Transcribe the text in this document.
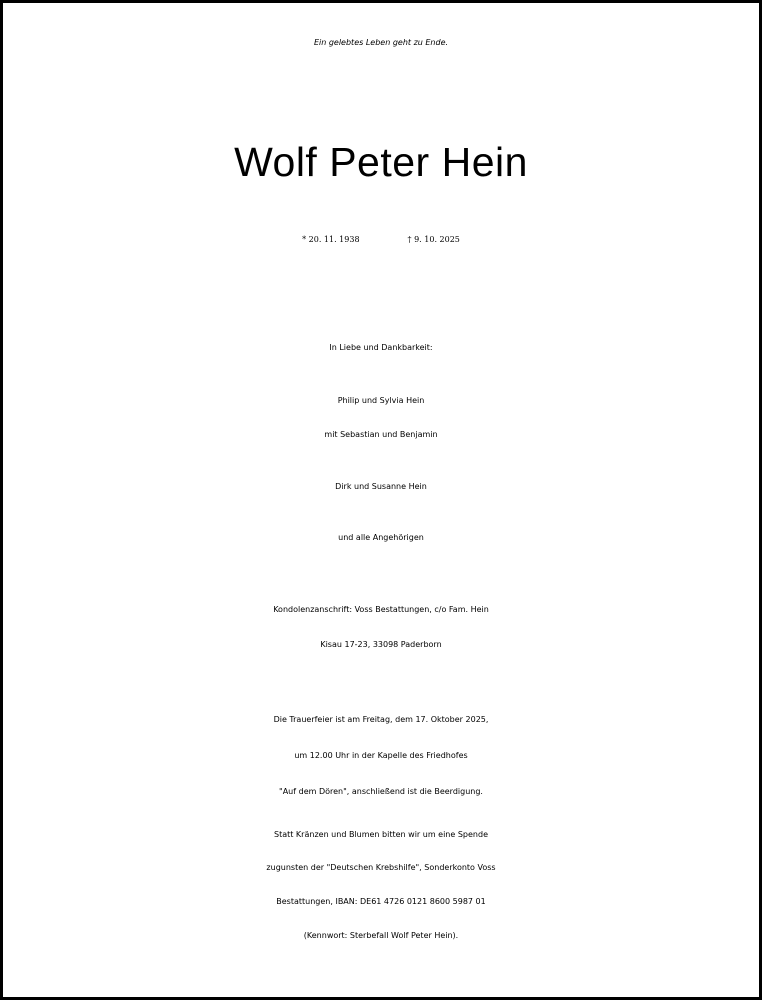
Ein gelebtes Leben geht zu Ende.
Wolf Peter Hein
* 20. 11. 1938	† 9. 10. 2025
In Liebe und Dankbarkeit:
Philip und Sylvia Hein
mit Sebastian und Benjamin
Dirk und Susanne Hein
und alle Angehörigen
Kondolenzanschrift: Voss Bestattungen, c/o Fam. Hein
Kisau 17-23, 33098 Paderborn
Die Trauerfeier ist am Freitag, dem 17. Oktober 2025,
um 12.00 Uhr in der Kapelle des Friedhofes
"Auf dem Dören", anschließend ist die Beerdigung.
Statt Kränzen und Blumen bitten wir um eine Spende
zugunsten der "Deutschen Krebshilfe", Sonderkonto Voss
Bestattungen, IBAN: DE61 4726 0121 8600 5987 01
(Kennwort: Sterbefall Wolf Peter Hein).
